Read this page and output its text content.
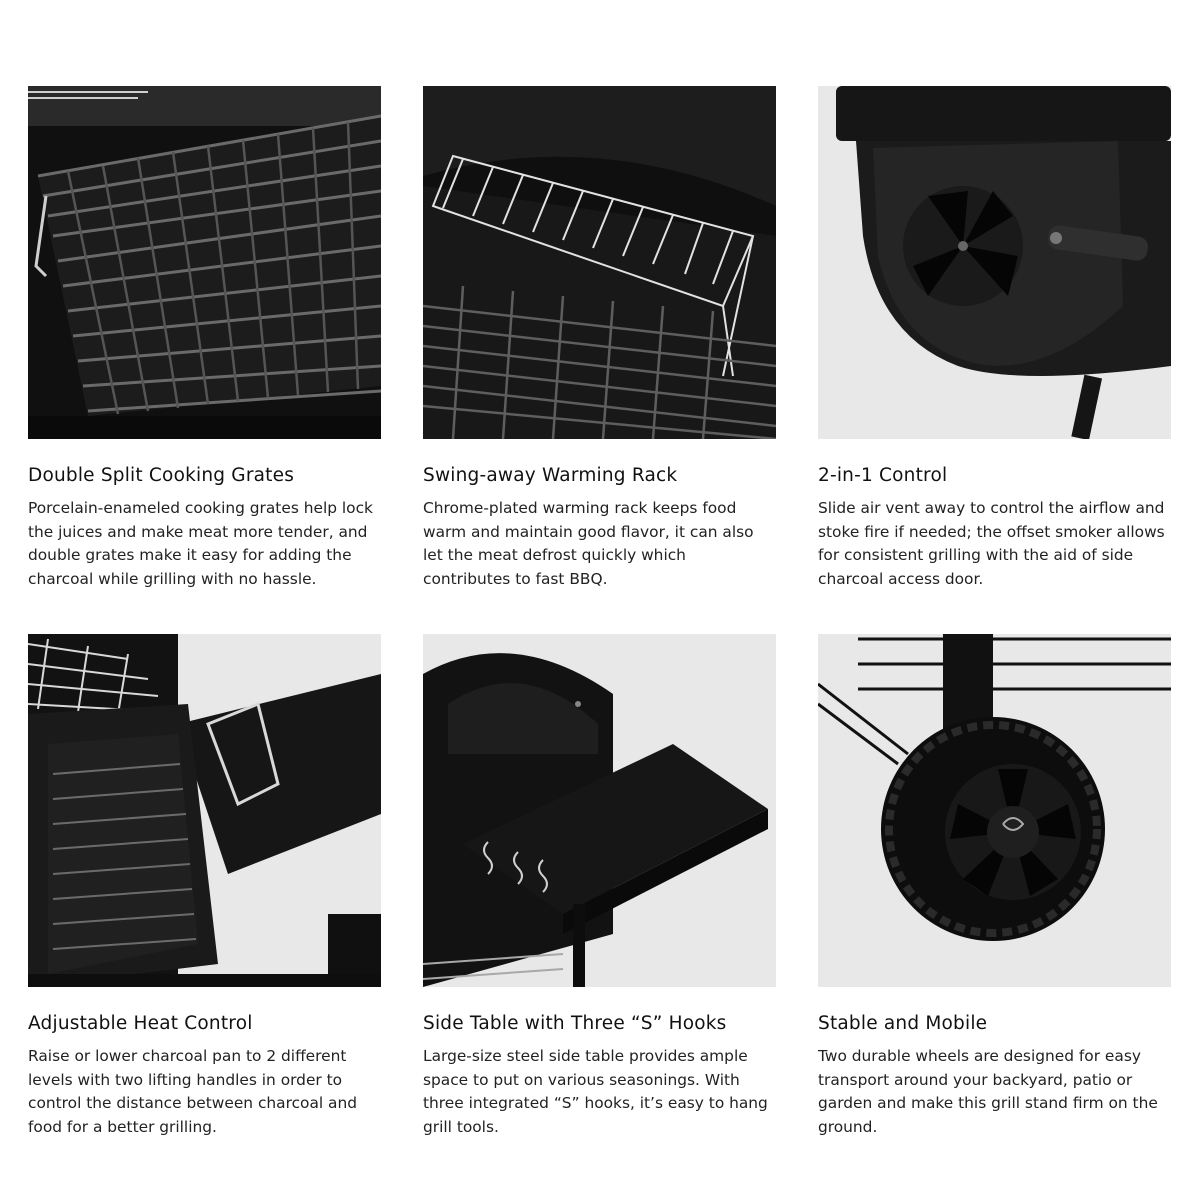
Double Split Cooking Grates
Porcelain-enameled cooking grates help lock the juices and make meat more tender, and double grates make it easy for adding the charcoal while grilling with no hassle.
Swing-away Warming Rack
Chrome-plated warming rack keeps food warm and maintain good flavor, it can also let the meat defrost quickly which contributes to fast BBQ.
2-in-1 Control
Slide air vent away to control the airflow and stoke fire if needed; the offset smoker allows for consistent grilling with the aid of side charcoal access door.
Adjustable Heat Control
Raise or lower charcoal pan to 2 different levels with two lifting handles in order to control the distance between charcoal and food for a better grilling.
Side Table with Three “S” Hooks
Large-size steel side table provides ample space to put on various seasonings. With three integrated “S” hooks, it’s easy to hang grill tools.
Stable and Mobile
Two durable wheels are designed for easy transport around your backyard, patio or garden and make this grill stand firm on the ground.
